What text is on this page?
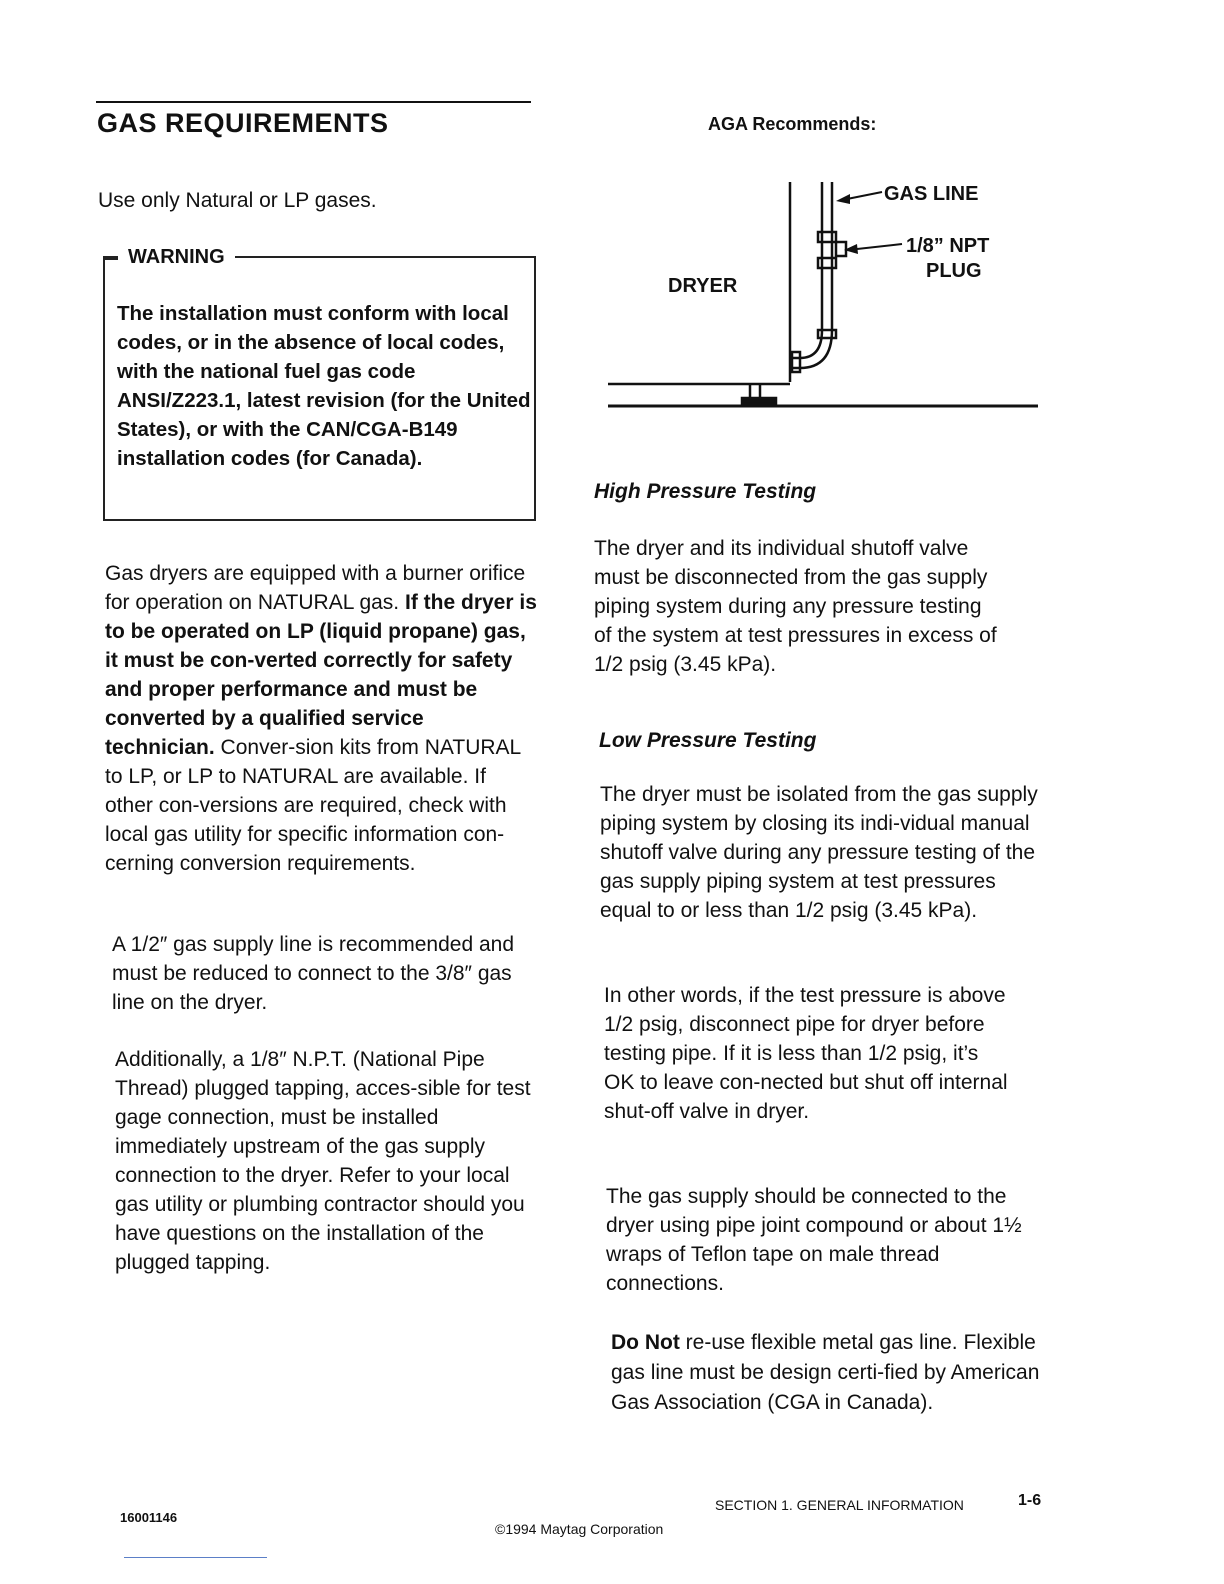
GAS REQUIREMENTS
Use only Natural or LP gases.
WARNING

The installation must conform with local codes, or in the absence of local codes, with the national fuel gas code ANSI/Z223.1, latest revision (for the United States), or with the CAN/CGA-B149 installation codes (for Canada).

Gas dryers are equipped with a burner orifice for operation on NATURAL gas. If the dryer is to be operated on LP (liquid propane) gas, it must be con-verted correctly for safety and proper performance and must be converted by a qualified service technician. Conver-sion kits from NATURAL to LP, or LP to NATURAL are available. If other con-versions are required, check with local gas utility for specific information con-cerning conversion requirements.

A 1/2″ gas supply line is recommended and must be reduced to connect to the 3/8″ gas line on the dryer.

Additionally, a 1/8″ N.P.T. (National Pipe Thread) plugged tapping, acces-sible for test gage connection, must be installed immediately upstream of the gas supply connection to the dryer. Refer to your local gas utility or plumbing contractor should you have questions on the installation of the plugged tapping.

AGA Recommends:
DRYER
GAS LINE
1/8” NPT
PLUG
High Pressure Testing

The dryer and its individual shutoff valve must be disconnected from the gas supply piping system during any pressure testing of the system at test pressures in excess of 1/2 psig (3.45 kPa).

Low Pressure Testing

The dryer must be isolated from the gas supply piping system by closing its indi-vidual manual shutoff valve during any pressure testing of the gas supply piping system at test pressures equal to or less than 1/2 psig (3.45 kPa).

In other words, if the test pressure is above 1/2 psig, disconnect pipe for dryer before testing pipe. If it is less than 1/2 psig, it’s OK to leave con-nected but shut off internal shut-off valve in dryer.

The gas supply should be connected to the dryer using pipe joint compound or about 1½ wraps of Teflon tape on male thread connections.

Do Not re-use flexible metal gas line. Flexible gas line must be design certi-fied by American Gas Association (CGA in Canada).

16001146
©1994 Maytag Corporation
SECTION 1. GENERAL INFORMATION	1-6
